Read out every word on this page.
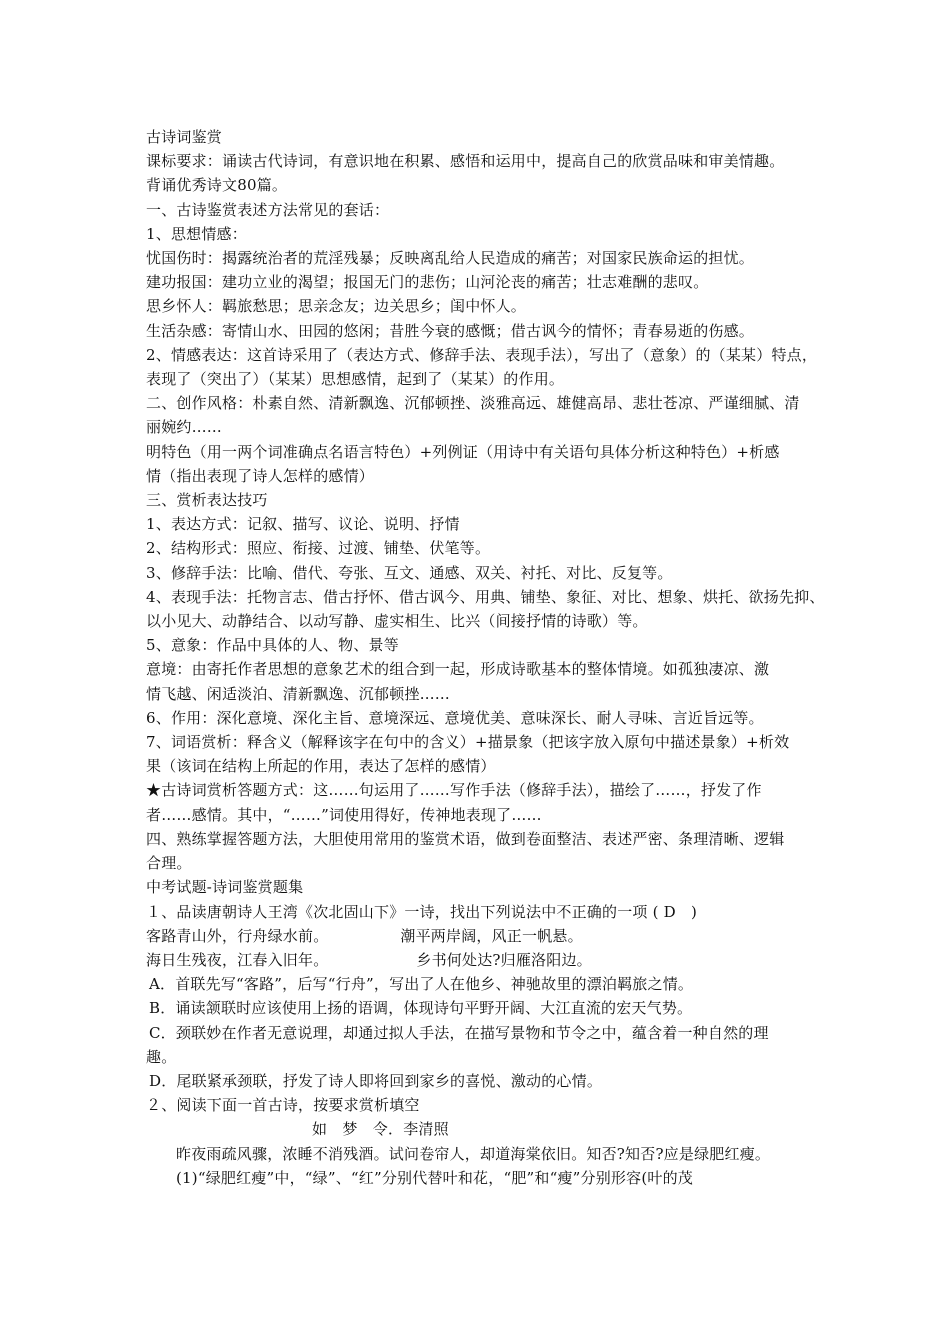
古诗词鉴赏
课标要求：诵读古代诗词，有意识地在积累、感悟和运用中，提高自己的欣赏品味和审美情趣。
背诵优秀诗文80篇。
一、古诗鉴赏表述方法常见的套话：
1、思想情感：
忧国伤时：揭露统治者的荒淫残暴；反映离乱给人民造成的痛苦；对国家民族命运的担忧。
建功报国：建功立业的渴望；报国无门的悲伤；山河沦丧的痛苦；壮志难酬的悲叹。
思乡怀人：羁旅愁思；思亲念友；边关思乡；闺中怀人。
生活杂感：寄情山水、田园的悠闲；昔胜今衰的感慨；借古讽今的情怀；青春易逝的伤感。
2、情感表达：这首诗采用了（表达方式、修辞手法、表现手法），写出了（意象）的（某某）特点，
表现了（突出了）（某某）思想感情，起到了（某某）的作用。
二、创作风格：朴素自然、清新飘逸、沉郁顿挫、淡雅高远、雄健高昂、悲壮苍凉、严谨细腻、清
丽婉约……
明特色（用一两个词准确点名语言特色）+列例证（用诗中有关语句具体分析这种特色）+析感
情（指出表现了诗人怎样的感情）
三、赏析表达技巧
1、表达方式：记叙、描写、议论、说明、抒情
2、结构形式：照应、衔接、过渡、铺垫、伏笔等。
3、修辞手法：比喻、借代、夸张、互文、通感、双关、衬托、对比、反复等。
4、表现手法：托物言志、借古抒怀、借古讽今、用典、铺垫、象征、对比、想象、烘托、欲扬先抑、
以小见大、动静结合、以动写静、虚实相生、比兴（间接抒情的诗歌）等。
5、意象：作品中具体的人、物、景等
意境：由寄托作者思想的意象艺术的组合到一起，形成诗歌基本的整体情境。如孤独凄凉、激
情飞越、闲适淡泊、清新飘逸、沉郁顿挫……
6、作用：深化意境、深化主旨、意境深远、意境优美、意味深长、耐人寻味、言近旨远等。
7、词语赏析：释含义（解释该字在句中的含义）+描景象（把该字放入原句中描述景象）+析效
果（该词在结构上所起的作用，表达了怎样的感情）
★古诗词赏析答题方式：这……句运用了……写作手法（修辞手法），描绘了……，抒发了作
者……感情。其中，“……”词使用得好，传神地表现了……
四、熟练掌握答题方法，大胆使用常用的鉴赏术语，做到卷面整洁、表述严密、条理清晰、逻辑
合理。
中考试题-诗词鉴赏题集
１、品读唐朝诗人王湾《次北固山下》一诗，找出下列说法中不正确的一项 ( D　)
客路青山外，行舟绿水前。	潮平两岸阔，风正一帆悬。
海日生残夜，江春入旧年。	乡书何处达?归雁洛阳边。
A．首联先写“客路”，后写“行舟”，写出了人在他乡、神驰故里的漂泊羁旅之情。
B．诵读颔联时应该使用上扬的语调，体现诗句平野开阔、大江直流的宏天气势。
C．颈联妙在作者无意说理，却通过拟人手法，在描写景物和节令之中，蕴含着一种自然的理
趣。
D．尾联紧承颈联，抒发了诗人即将回到家乡的喜悦、激动的心情。
２、阅读下面一首古诗，按要求赏析填空
如　梦　令．李清照
昨夜雨疏风骤，浓睡不消残酒。试问卷帘人，却道海棠依旧。知否?知否?应是绿肥红瘦。
(1)“绿肥红瘦”中，“绿”、“红”分别代替叶和花，“肥”和“瘦”分别形容(叶的茂
